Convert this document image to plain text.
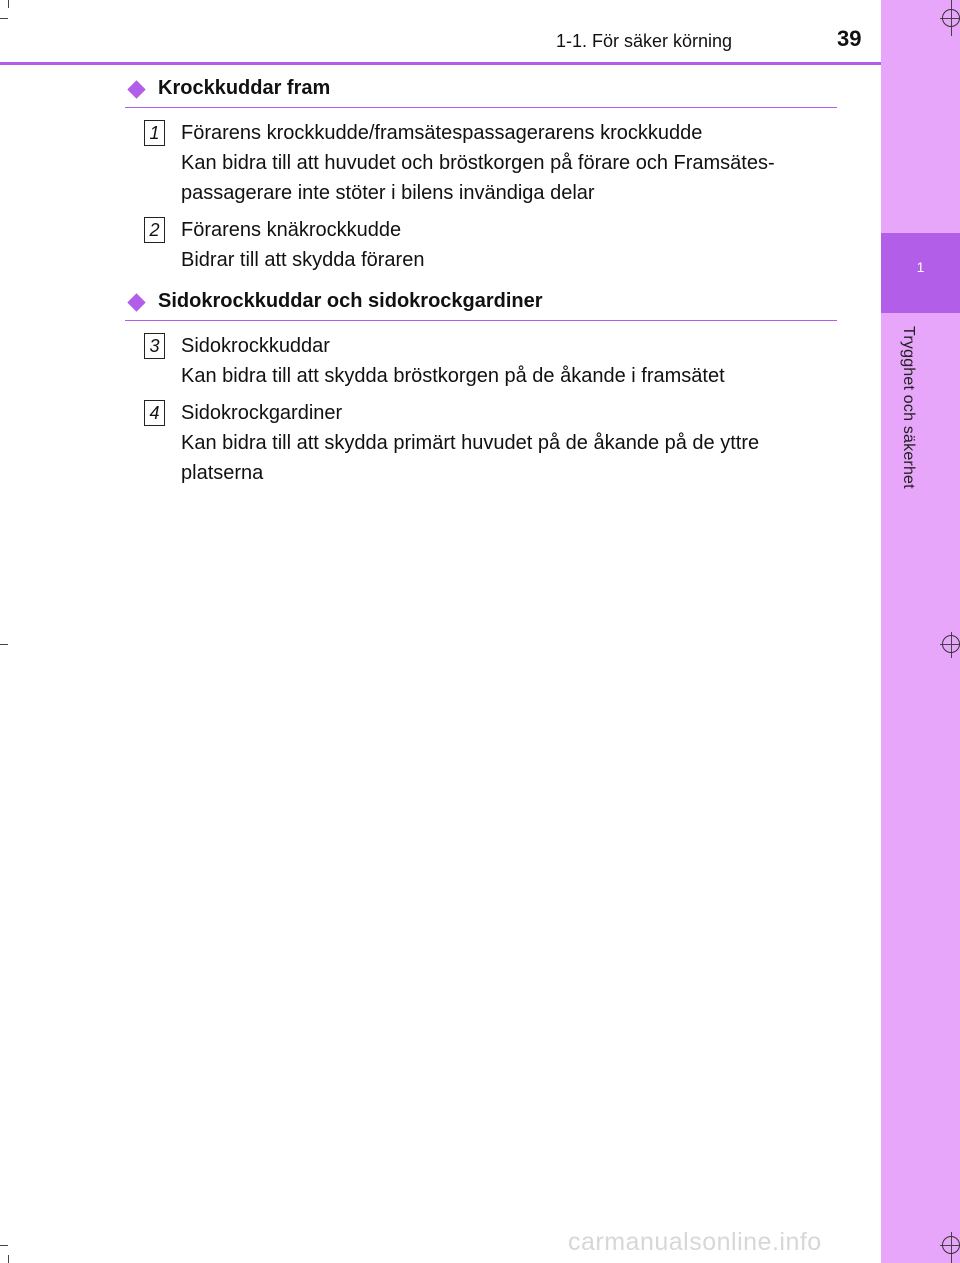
1
Trygghet och säkerhet
1-1. För säker körning	39
Krockkuddar fram
1 Förarens krockkudde/framsätespassagerarens krockkudde
Kan bidra till att huvudet och bröstkorgen på förare och Framsätes-
passagerare inte stöter i bilens invändiga delar
2 Förarens knäkrockkudde
Bidrar till att skydda föraren
Sidokrockkuddar och sidokrockgardiner
3 Sidokrockkuddar
Kan bidra till att skydda bröstkorgen på de åkande i framsätet
4 Sidokrockgardiner
Kan bidra till att skydda primärt huvudet på de åkande på de yttre
platserna
carmanualsonline.info
